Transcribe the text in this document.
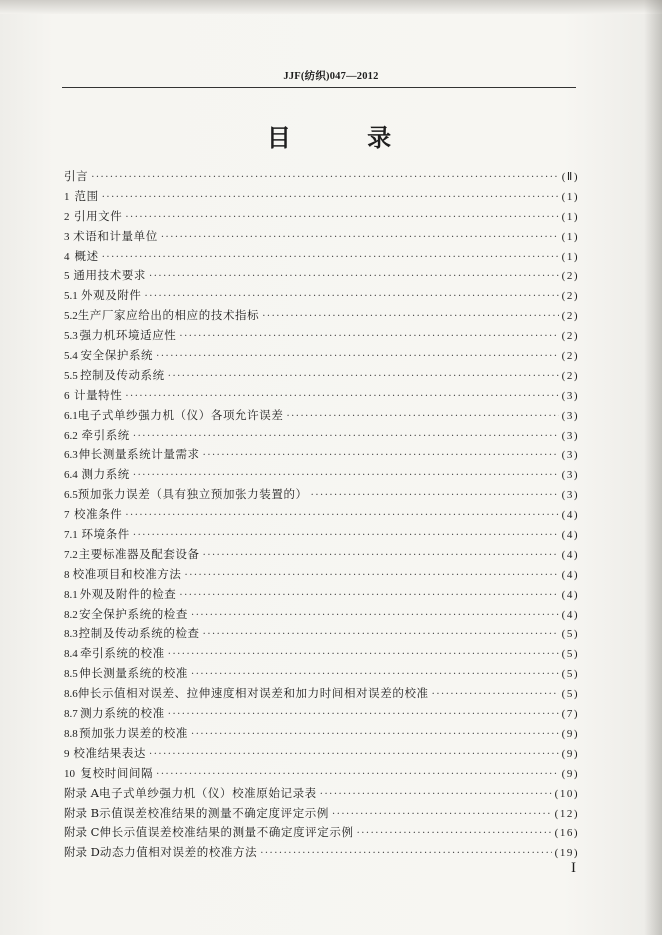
JJF(纺织)047—2012
目 录
引言 ·····	(Ⅱ)
1 范围 ·····	(1)
2 引用文件 ·····	(1)
3 术语和计量单位 ·····	(1)
4 概述 ·····	(1)
5 通用技术要求 ·····	(2)
5.1 外观及附件 ·····	(2)
5.2 生产厂家应给出的相应的技术指标 ·····	(2)
5.3 强力机环境适应性 ·····	(2)
5.4 安全保护系统 ·····	(2)
5.5 控制及传动系统 ·····	(2)
6 计量特性 ·····	(3)
6.1 电子式单纱强力机（仪）各项允许误差 ·····	(3)
6.2 牵引系统 ·····	(3)
6.3 伸长测量系统计量需求 ·····	(3)
6.4 测力系统 ·····	(3)
6.5 预加张力误差（具有独立预加张力装置的） ·····	(3)
7 校准条件 ·····	(4)
7.1 环境条件 ·····	(4)
7.2 主要标准器及配套设备 ·····	(4)
8 校准项目和校准方法 ·····	(4)
8.1 外观及附件的检查 ·····	(4)
8.2 安全保护系统的检查 ·····	(4)
8.3 控制及传动系统的检查 ·····	(5)
8.4 牵引系统的校准 ·····	(5)
8.5 伸长测量系统的校准 ·····	(5)
8.6 伸长示值相对误差、拉伸速度相对误差和加力时间相对误差的校准 ·····	(5)
8.7 测力系统的校准 ·····	(7)
8.8 预加张力误差的校准 ·····	(9)
9 校准结果表达 ·····	(9)
10 复校时间间隔 ·····	(9)
附录 A 电子式单纱强力机（仪）校准原始记录表 ·····	(10)
附录 B 示值误差校准结果的测量不确定度评定示例 ·····	(12)
附录 C 伸长示值误差校准结果的测量不确定度评定示例 ·····	(16)
附录 D 动态力值相对误差的校准方法 ·····	(19)
I
